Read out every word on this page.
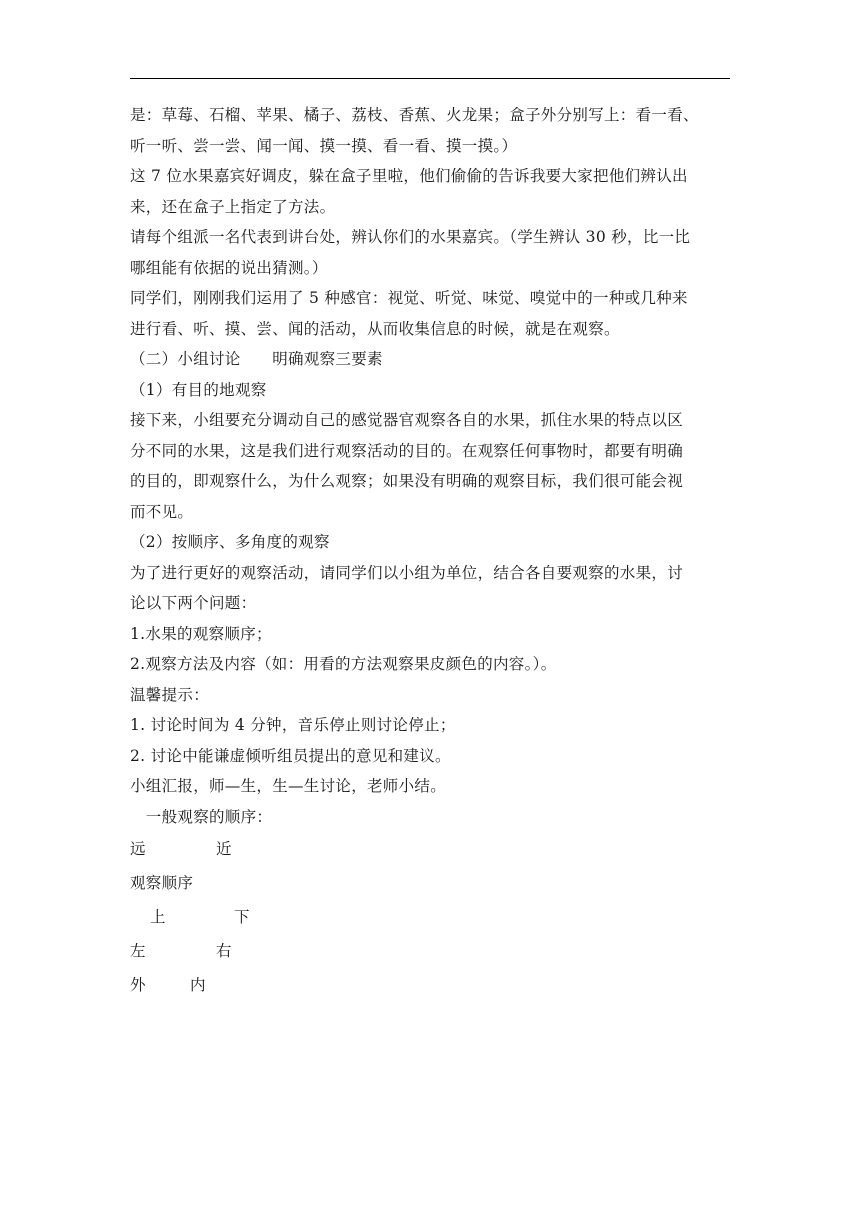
是：草莓、石榴、苹果、橘子、荔枝、香蕉、火龙果；盒子外分别写上：看一看、
听一听、尝一尝、闻一闻、摸一摸、看一看、摸一摸。）
这 7 位水果嘉宾好调皮，躲在盒子里啦，他们偷偷的告诉我要大家把他们辨认出
来，还在盒子上指定了方法。
请每个组派一名代表到讲台处，辨认你们的水果嘉宾。（学生辨认 30 秒，比一比
哪组能有依据的说出猜测。）
同学们，刚刚我们运用了 5 种感官：视觉、听觉、味觉、嗅觉中的一种或几种来
进行看、听、摸、尝、闻的活动，从而收集信息的时候，就是在观察。
（二）小组讨论　　明确观察三要素
（1）有目的地观察
接下来，小组要充分调动自己的感觉器官观察各自的水果，抓住水果的特点以区
分不同的水果，这是我们进行观察活动的目的。在观察任何事物时，都要有明确
的目的，即观察什么，为什么观察；如果没有明确的观察目标，我们很可能会视
而不见。
（2）按顺序、多角度的观察
为了进行更好的观察活动，请同学们以小组为单位，结合各自要观察的水果，讨
论以下两个问题：
1.水果的观察顺序；
2.观察方法及内容（如：用看的方法观察果皮颜色的内容。）。
温馨提示：
1. 讨论时间为 4 分钟，音乐停止则讨论停止；
2. 讨论中能谦虚倾听组员提出的意见和建议。
小组汇报，师—生，生—生讨论，老师小结。
　一般观察的顺序：
远	近
观察顺序
上	下
左	右
外	内
